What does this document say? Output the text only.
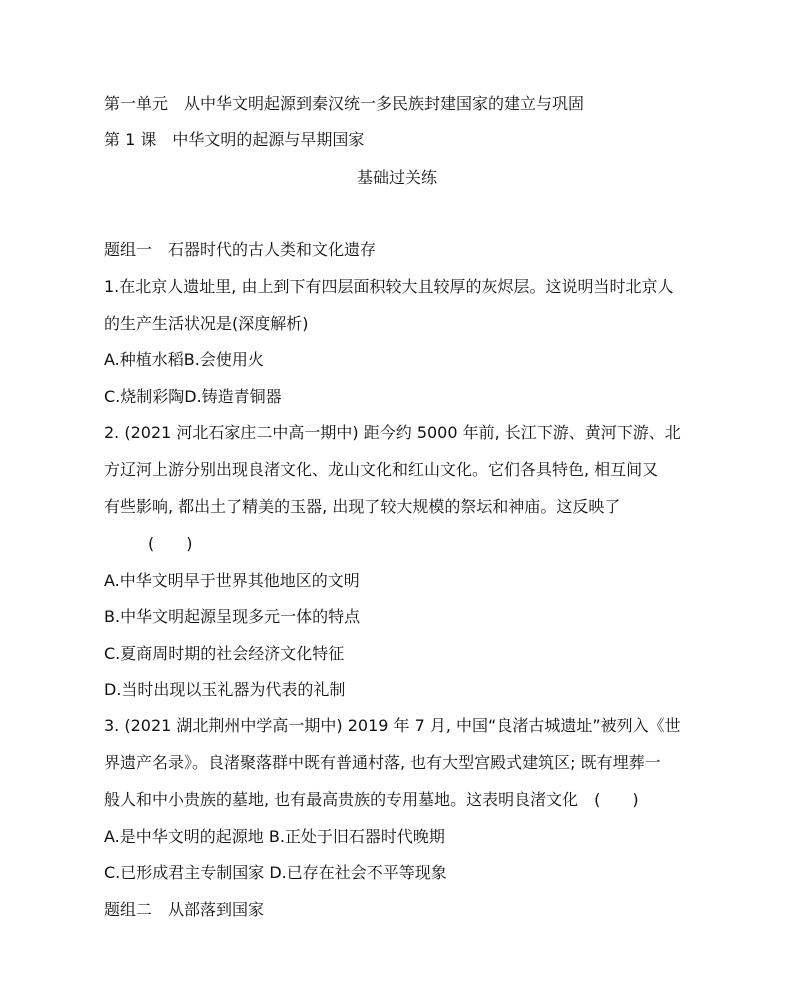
第一单元　从中华文明起源到秦汉统一多民族封建国家的建立与巩固
第 1 课　中华文明的起源与早期国家
基础过关练
题组一　石器时代的古人类和文化遗存
1.在北京人遗址里, 由上到下有四层面积较大且较厚的灰烬层。这说明当时北京人
的生产生活状况是(深度解析)
A.种植水稻B.会使用火
C.烧制彩陶D.铸造青铜器
2. (2021 河北石家庄二中高一期中) 距今约 5000 年前, 长江下游、黄河下游、北
方辽河上游分别出现良渚文化、龙山文化和红山文化。它们各具特色, 相互间又
有些影响, 都出土了精美的玉器, 出现了较大规模的祭坛和神庙。这反映了
(　　)
A.中华文明早于世界其他地区的文明
B.中华文明起源呈现多元一体的特点
C.夏商周时期的社会经济文化特征
D.当时出现以玉礼器为代表的礼制
3. (2021 湖北荆州中学高一期中) 2019 年 7 月, 中国“良渚古城遗址”被列入《世
界遗产名录》。良渚聚落群中既有普通村落, 也有大型宫殿式建筑区; 既有埋葬一
般人和中小贵族的墓地, 也有最高贵族的专用墓地。这表明良渚文化　(　　)
A.是中华文明的起源地 B.正处于旧石器时代晚期
C.已形成君主专制国家 D.已存在社会不平等现象
题组二　从部落到国家
